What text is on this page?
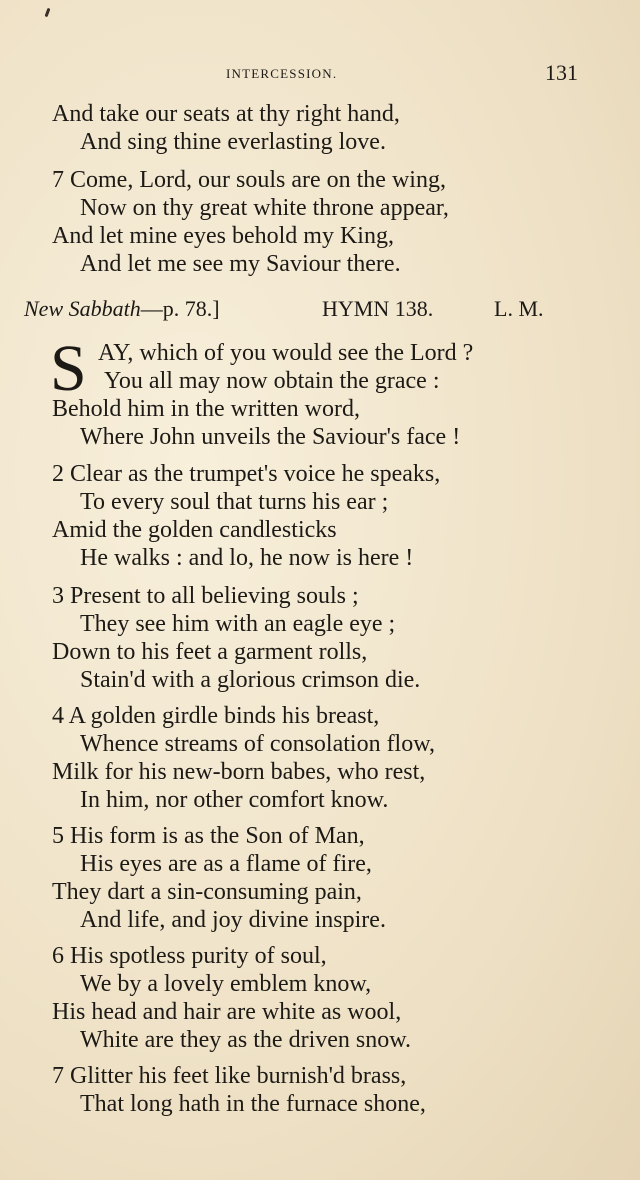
INTERCESSION.	131
And take our seats at thy right hand,
And sing thine everlasting love.
7 Come, Lord, our souls are on the wing,
Now on thy great white throne appear,
And let mine eyes behold my King,
And let me see my Saviour there.
New Sabbath—p. 78.]	HYMN 138.	L. M.
S AY, which of you would see the Lord ?
You all may now obtain the grace :
Behold him in the written word,
Where John unveils the Saviour's face !
2 Clear as the trumpet's voice he speaks,
To every soul that turns his ear ;
Amid the golden candlesticks
He walks : and lo, he now is here !
3 Present to all believing souls ;
They see him with an eagle eye ;
Down to his feet a garment rolls,
Stain'd with a glorious crimson die.
4 A golden girdle binds his breast,
Whence streams of consolation flow,
Milk for his new-born babes, who rest,
In him, nor other comfort know.
5 His form is as the Son of Man,
His eyes are as a flame of fire,
They dart a sin-consuming pain,
And life, and joy divine inspire.
6 His spotless purity of soul,
We by a lovely emblem know,
His head and hair are white as wool,
White are they as the driven snow.
7 Glitter his feet like burnish'd brass,
That long hath in the furnace shone,
